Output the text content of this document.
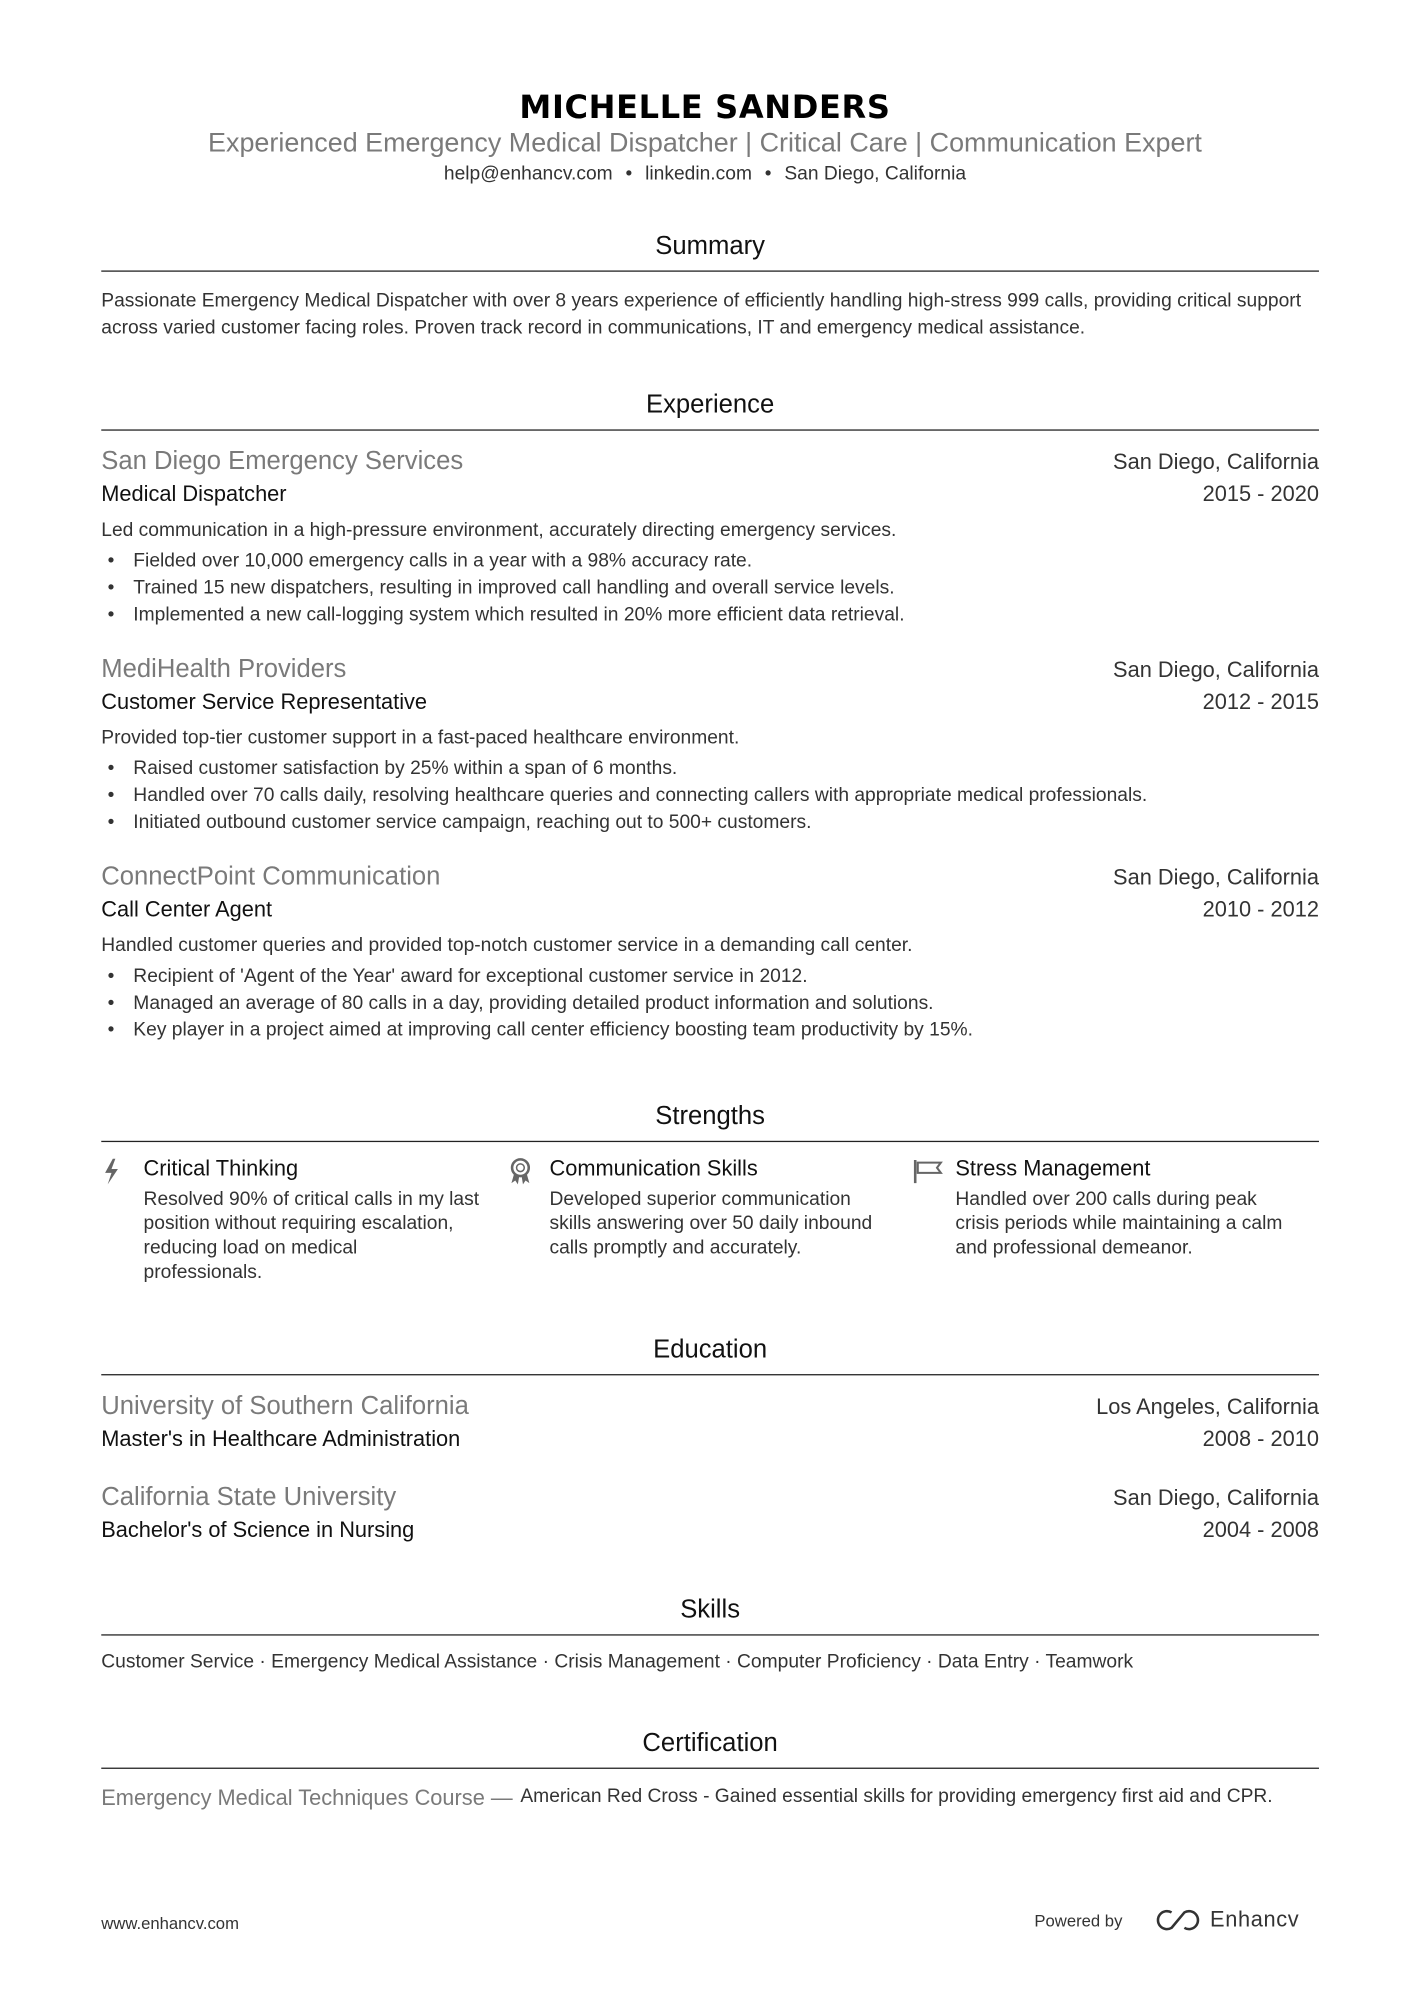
MICHELLE SANDERS
Experienced Emergency Medical Dispatcher | Critical Care | Communication Expert
help@enhancv.com • linkedin.com • San Diego, California
Summary
Passionate Emergency Medical Dispatcher with over 8 years experience of efficiently handling high-stress 999 calls, providing critical support across varied customer facing roles. Proven track record in communications, IT and emergency medical assistance.
Experience
San Diego Emergency Services	San Diego, California
Medical Dispatcher	2015 - 2020
Led communication in a high-pressure environment, accurately directing emergency services.
• Fielded over 10,000 emergency calls in a year with a 98% accuracy rate.
• Trained 15 new dispatchers, resulting in improved call handling and overall service levels.
• Implemented a new call-logging system which resulted in 20% more efficient data retrieval.
MediHealth Providers	San Diego, California
Customer Service Representative	2012 - 2015
Provided top-tier customer support in a fast-paced healthcare environment.
• Raised customer satisfaction by 25% within a span of 6 months.
• Handled over 70 calls daily, resolving healthcare queries and connecting callers with appropriate medical professionals.
• Initiated outbound customer service campaign, reaching out to 500+ customers.
ConnectPoint Communication	San Diego, California
Call Center Agent	2010 - 2012
Handled customer queries and provided top-notch customer service in a demanding call center.
• Recipient of 'Agent of the Year' award for exceptional customer service in 2012.
• Managed an average of 80 calls in a day, providing detailed product information and solutions.
• Key player in a project aimed at improving call center efficiency boosting team productivity by 15%.
Strengths
Critical Thinking
Resolved 90% of critical calls in my last position without requiring escalation, reducing load on medical professionals.
Communication Skills
Developed superior communication skills answering over 50 daily inbound calls promptly and accurately.
Stress Management
Handled over 200 calls during peak crisis periods while maintaining a calm and professional demeanor.
Education
University of Southern California	Los Angeles, California
Master's in Healthcare Administration	2008 - 2010
California State University	San Diego, California
Bachelor's of Science in Nursing	2004 - 2008
Skills
Customer Service · Emergency Medical Assistance · Crisis Management · Computer Proficiency · Data Entry · Teamwork
Certification
Emergency Medical Techniques Course — American Red Cross - Gained essential skills for providing emergency first aid and CPR.
www.enhancv.com	Powered by	Enhancv
